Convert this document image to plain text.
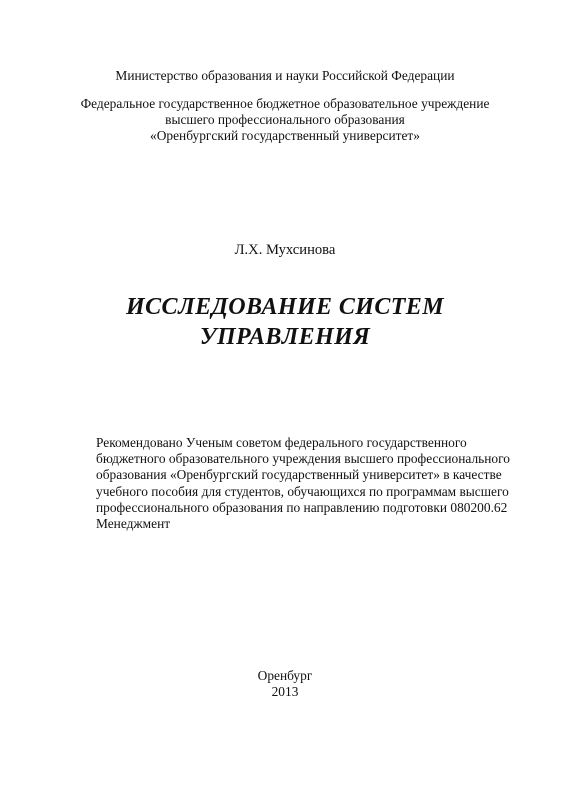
Министерство образования и науки Российской Федерации
Федеральное государственное бюджетное образовательное учреждение
высшего профессионального образования
«Оренбургский государственный университет»
Л.Х. Мухсинова
ИССЛЕДОВАНИЕ СИСТЕМ
УПРАВЛЕНИЯ
Рекомендовано Ученым советом федерального государственного
бюджетного образовательного учреждения высшего профессионального
образования «Оренбургский государственный университет» в качестве
учебного пособия для студентов, обучающихся по программам высшего
профессионального образования по направлению подготовки 080200.62
Менеджмент
Оренбург
2013
